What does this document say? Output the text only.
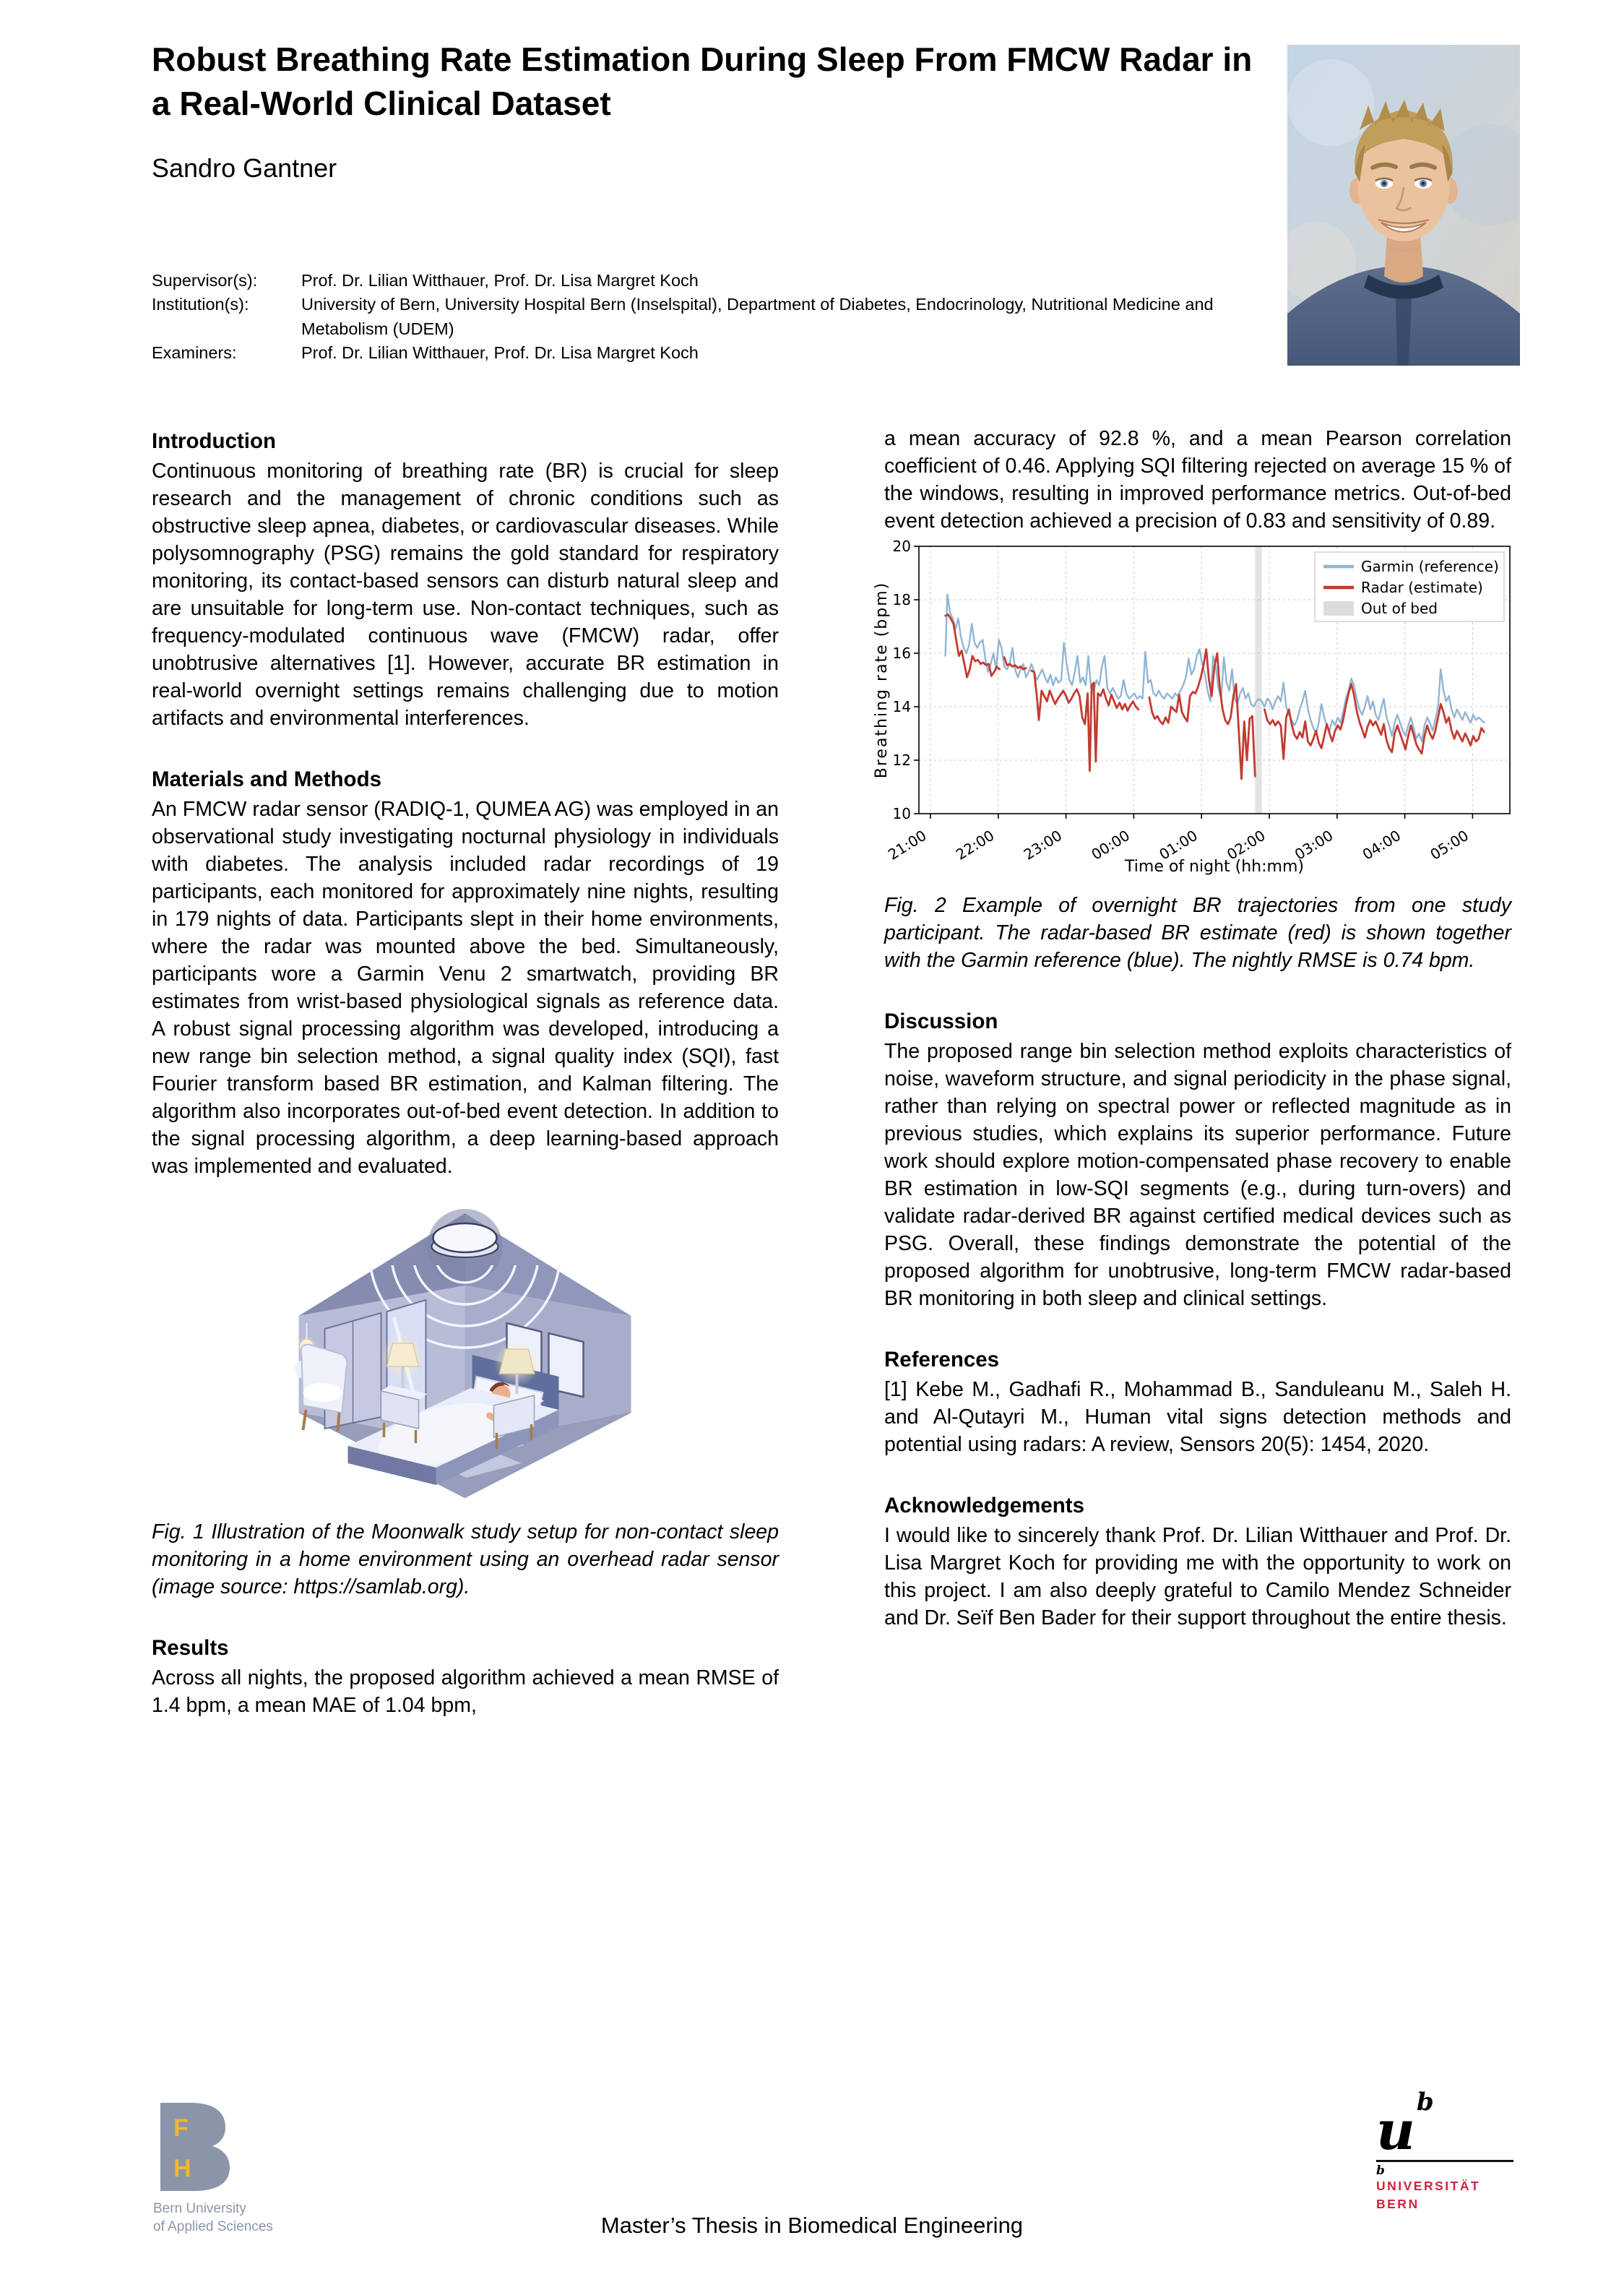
Robust Breathing Rate Estimation During Sleep From FMCW Radar in a Real-World Clinical Dataset
Sandro Gantner
Supervisor(s):	Prof. Dr. Lilian Witthauer, Prof. Dr. Lisa Margret Koch
Institution(s):	University of Bern, University Hospital Bern (Inselspital), Department of Diabetes, Endocrinology, Nutritional Medicine and Metabolism (UDEM)
Examiners:	Prof. Dr. Lilian Witthauer, Prof. Dr. Lisa Margret Koch
Introduction

Continuous monitoring of breathing rate (BR) is crucial for sleep research and the management of chronic conditions such as obstructive sleep apnea, diabetes, or cardiovascular diseases. While polysomnography (PSG) remains the gold standard for respiratory monitoring, its contact-based sensors can disturb natural sleep and are unsuitable for long-term use. Non-contact techniques, such as frequency-modulated continuous wave (FMCW) radar, offer unobtrusive alternatives [1]. However, accurate BR estimation in real-world overnight settings remains challenging due to motion artifacts and environmental interferences.

Materials and Methods

An FMCW radar sensor (RADIQ-1, QUMEA AG) was employed in an observational study investigating nocturnal physiology in individuals with diabetes. The analysis included radar recordings of 19 participants, each monitored for approximately nine nights, resulting in 179 nights of data. Participants slept in their home environments, where the radar was mounted above the bed. Simultaneously, participants wore a Garmin Venu 2 smartwatch, providing BR estimates from wrist-based physiological signals as reference data. A robust signal processing algorithm was developed, introducing a new range bin selection method, a signal quality index (SQI), fast Fourier transform based BR estimation, and Kalman filtering. The algorithm also incorporates out-of-bed event detection. In addition to the signal processing algorithm, a deep learning-based approach was implemented and evaluated.

Fig. 1 Illustration of the Moonwalk study setup for non-contact sleep monitoring in a home environment using an overhead radar sensor (image source: https://samlab.org).
Results

Across all nights, the proposed algorithm achieved a mean RMSE of 1.4 bpm, a mean MAE of 1.04 bpm,

a mean accuracy of 92.8 %, and a mean Pearson correlation coefficient of 0.46. Applying SQI filtering rejected on average 15 % of the windows, resulting in improved performance metrics. Out-of-bed event detection achieved a precision of 0.83 and sensitivity of 0.89.

10
12
14
16
18
20
21:00 22:00 23:00 00:00 01:00 02:00 03:00 04:00 05:00
Time of night (hh:mm)
Breathing rate (bpm)
Garmin (reference)
Radar (estimate)
Out of bed
Fig. 2 Example of overnight BR trajectories from one study participant. The radar-based BR estimate (red) is shown together with the Garmin reference (blue). The nightly RMSE is 0.74 bpm.
Discussion

The proposed range bin selection method exploits characteristics of noise, waveform structure, and signal periodicity in the phase signal, rather than relying on spectral power or reflected magnitude as in previous studies, which explains its superior performance. Future work should explore motion-compensated phase recovery to enable BR estimation in low-SQI segments (e.g., during turn-overs) and validate radar-derived BR against certified medical devices such as PSG. Overall, these findings demonstrate the potential of the proposed algorithm for unobtrusive, long-term FMCW radar-based BR monitoring in both sleep and clinical settings.

References

[1] Kebe M., Gadhafi R., Mohammad B., Sanduleanu M., Saleh H. and Al-Qutayri M., Human vital signs detection methods and potential using radars: A review, Sensors 20(5): 1454, 2020.

Acknowledgements

I would like to sincerely thank Prof. Dr. Lilian Witthauer and Prof. Dr. Lisa Margret Koch for providing me with the opportunity to work on this project. I am also deeply grateful to Camilo Mendez Schneider and Dr. Seïf Ben Bader for their support throughout the entire thesis.

F
H
Bern University
of Applied Sciences	Master’s Thesis in Biomedical Engineering
$u^b$
b
UNIVERSITÄT
BERN
